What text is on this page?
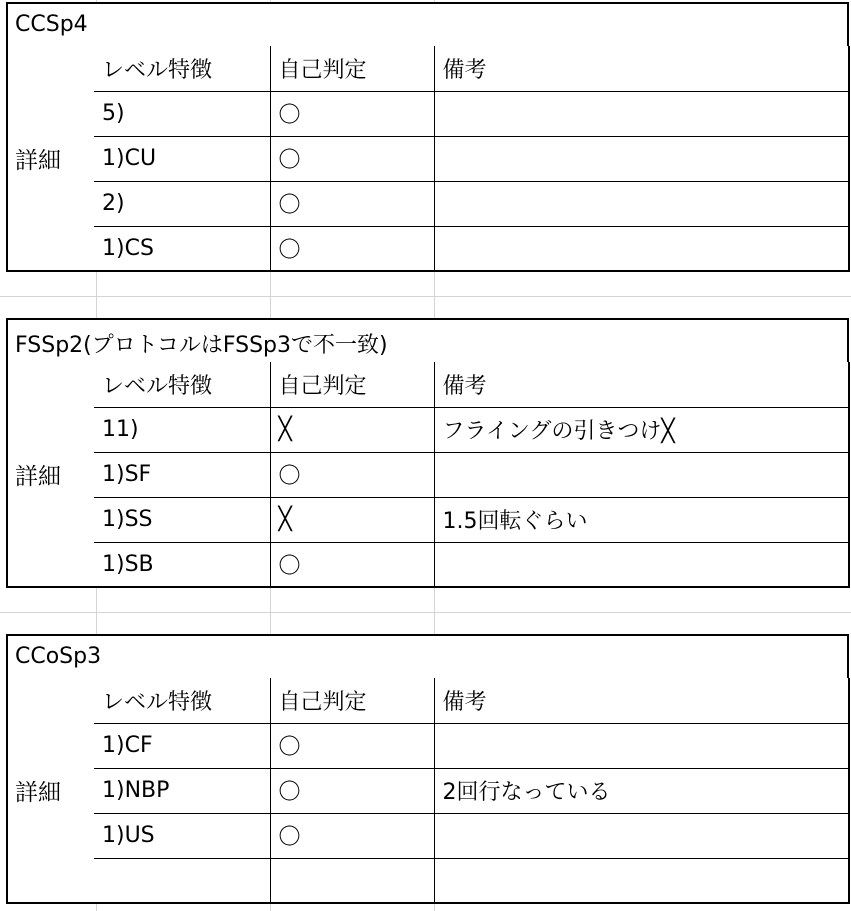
CCSp4
詳細
レベル特徴	自己判定	備考
5)	〇	
1)CU	〇	
2)	〇	
1)CS	〇	
FSSp2(プロトコルはFSSp3で不一致)
詳細
レベル特徴	自己判定	備考
11)	╳	フライングの引きつけ╳
1)SF	〇	
1)SS	╳	1.5回転ぐらい
1)SB	〇	
CCoSp3
詳細
レベル特徴	自己判定	備考
1)CF	〇	
1)NBP	〇	2回行なっている
1)US	〇	
